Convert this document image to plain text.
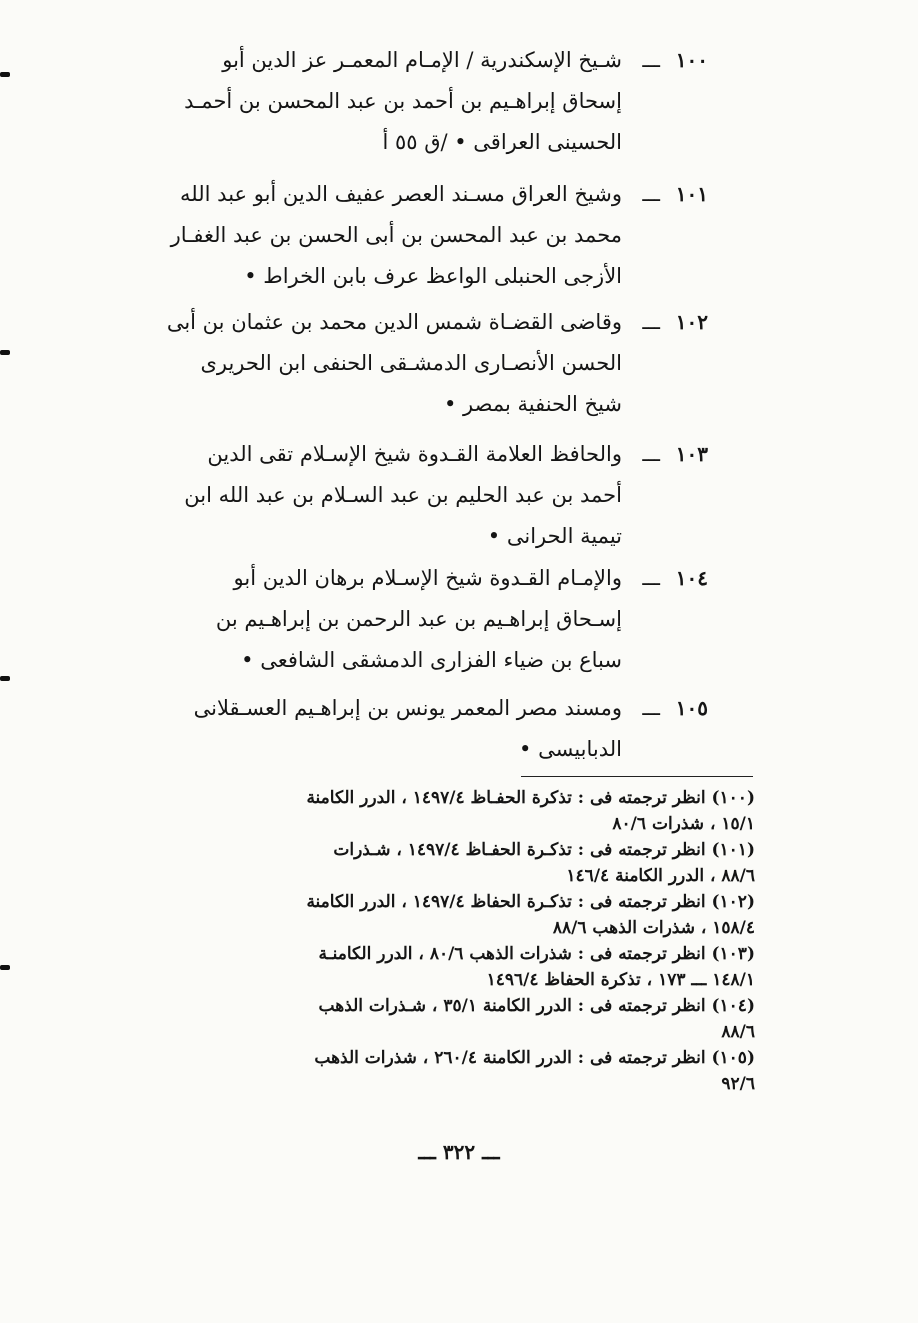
١٠٠
ـــ
شـيخ الإسكندرية / الإمـام المعمـر عز الدين أبو
إسحاق إبراهـيم بن أحمد بن عبد المحسن بن أحمـد
الحسينى العراقى • /ق ٥٥ أ
١٠١
ـــ
وشيخ العراق مسـند العصر عفيف الدين أبو عبد الله
محمد بن عبد المحسن بن أبى الحسن بن عبد الغفـار
الأزجى الحنبلى الواعظ عرف بابن الخراط •
١٠٢
ـــ
وقاضى القضـاة شمس الدين محمد بن عثمان بن أبى
الحسن الأنصـارى الدمشـقى الحنفى ابن الحريرى
شيخ الحنفية بمصر •
١٠٣
ـــ
والحافظ العلامة القـدوة شيخ الإسـلام تقى الدين
أحمد بن عبد الحليم بن عبد السـلام بن عبد الله ابن
تيمية الحرانى •
١٠٤
ـــ
والإمـام القـدوة شيخ الإسـلام برهان الدين أبو
إسـحاق إبراهـيم بن عبد الرحمن بن إبراهـيم بن
سباع بن ضياء الفزارى الدمشقى الشافعى •
١٠٥
ـــ
ومسند مصر المعمر يونس بن إبراهـيم العسـقلانى
الدبابيسى •
(١٠٠) انظر ترجمته فى : تذكرة الحفـاظ ١٤٩٧/٤ ، الدرر الكامنة
١٥/١ ، شذرات ٨٠/٦
(١٠١) انظر ترجمته فى : تذكـرة الحفـاظ ١٤٩٧/٤ ، شـذرات
٨٨/٦ ، الدرر الكامنة ١٤٦/٤
(١٠٢) انظر ترجمته فى : تذكـرة الحفاظ ١٤٩٧/٤ ، الدرر الكامنة
١٥٨/٤ ، شذرات الذهب ٨٨/٦
(١٠٣) انظر ترجمته فى : شذرات الذهب ٨٠/٦ ، الدرر الكامنـة
١٤٨/١ ـــ ١٧٣ ، تذكرة الحفاظ ١٤٩٦/٤
(١٠٤) انظر ترجمته فى : الدرر الكامنة ٣٥/١ ، شـذرات الذهب
٨٨/٦
(١٠٥) انظر ترجمته فى : الدرر الكامنة ٢٦٠/٤ ، شذرات الذهب
٩٢/٦
ـــ ٣٢٢ ـــ
